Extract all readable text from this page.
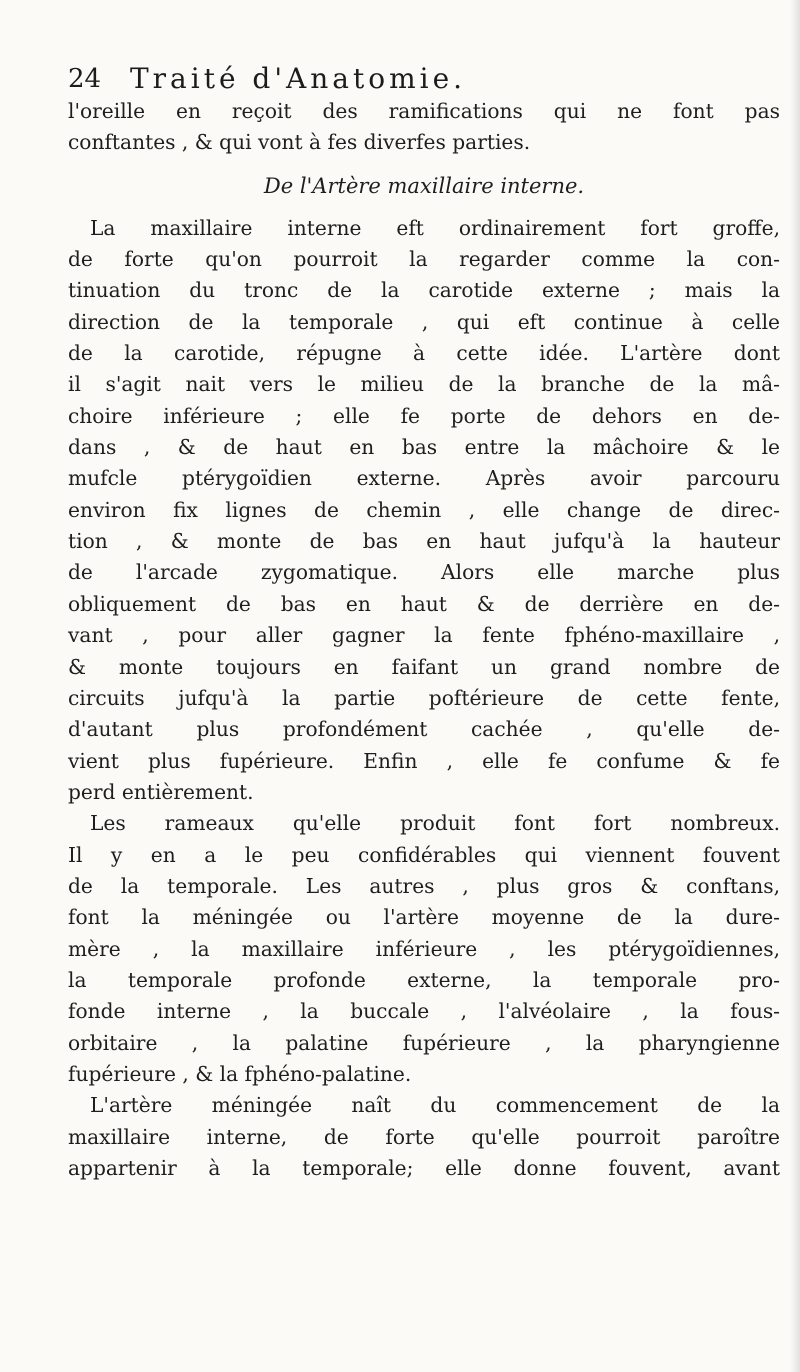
24 Traité d'Anatomie.
l'oreille en reçoit des ramifications qui ne font pas
conftantes , & qui vont à fes diverfes parties.
De l'Artère maxillaire interne.
La maxillaire interne eft ordinairement fort groffe,
de forte qu'on pourroit la regarder comme la con-
tinuation du tronc de la carotide externe ; mais la
direction de la temporale , qui eft continue à celle
de la carotide, répugne à cette idée. L'artère dont
il s'agit nait vers le milieu de la branche de la mâ-
choire inférieure ; elle fe porte de dehors en de-
dans , & de haut en bas entre la mâchoire & le
mufcle ptérygoïdien externe. Après avoir parcouru
environ fix lignes de chemin , elle change de direc-
tion , & monte de bas en haut jufqu'à la hauteur
de l'arcade zygomatique. Alors elle marche plus
obliquement de bas en haut & de derrière en de-
vant , pour aller gagner la fente fphéno-maxillaire ,
& monte toujours en faifant un grand nombre de
circuits jufqu'à la partie poftérieure de cette fente,
d'autant plus profondément cachée , qu'elle de-
vient plus fupérieure. Enfin , elle fe confume & fe
perd entièrement.
Les rameaux qu'elle produit font fort nombreux.
Il y en a le peu confidérables qui viennent fouvent
de la temporale. Les autres , plus gros & conftans,
font la méningée ou l'artère moyenne de la dure-
mère , la maxillaire inférieure , les ptérygoïdiennes,
la temporale profonde externe, la temporale pro-
fonde interne , la buccale , l'alvéolaire , la fous-
orbitaire , la palatine fupérieure , la pharyngienne
fupérieure , & la fphéno-palatine.
L'artère méningée naît du commencement de la
maxillaire interne, de forte qu'elle pourroit paroître
appartenir à la temporale; elle donne fouvent, avant
